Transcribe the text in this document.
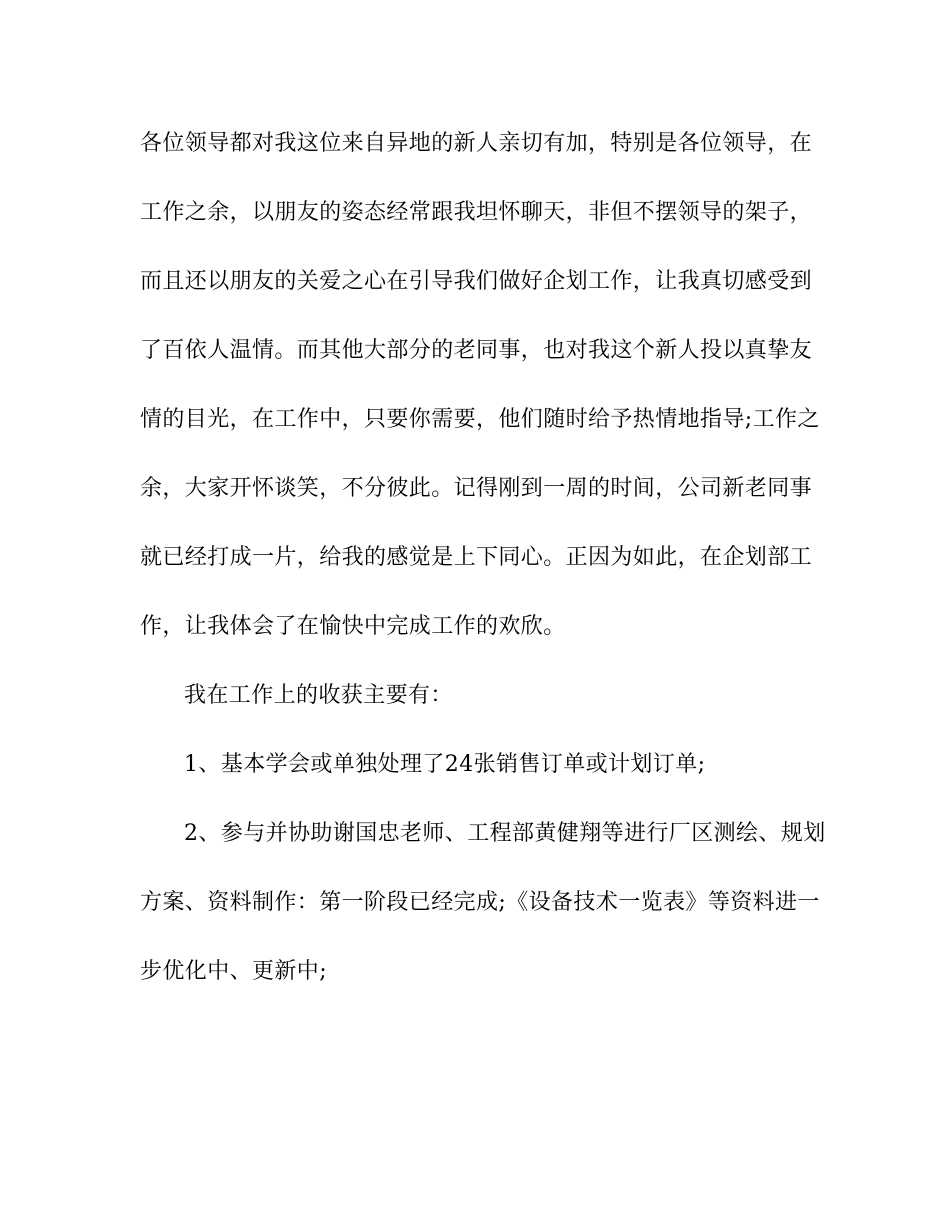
各位领导都对我这位来自异地的新人亲切有加，特别是各位领导，在
工作之余，以朋友的姿态经常跟我坦怀聊天，非但不摆领导的架子，
而且还以朋友的关爱之心在引导我们做好企划工作，让我真切感受到
了百依人温情。而其他大部分的老同事，也对我这个新人投以真挚友
情的目光，在工作中，只要你需要，他们随时给予热情地指导;工作之
余，大家开怀谈笑，不分彼此。记得刚到一周的时间，公司新老同事
就已经打成一片，给我的感觉是上下同心。正因为如此，在企划部工
作，让我体会了在愉快中完成工作的欢欣。
我在工作上的收获主要有：
1、基本学会或单独处理了24张销售订单或计划订单;
2、参与并协助谢国忠老师、工程部黄健翔等进行厂区测绘、规划
方案、资料制作：第一阶段已经完成;《设备技术一览表》等资料进一
步优化中、更新中;
